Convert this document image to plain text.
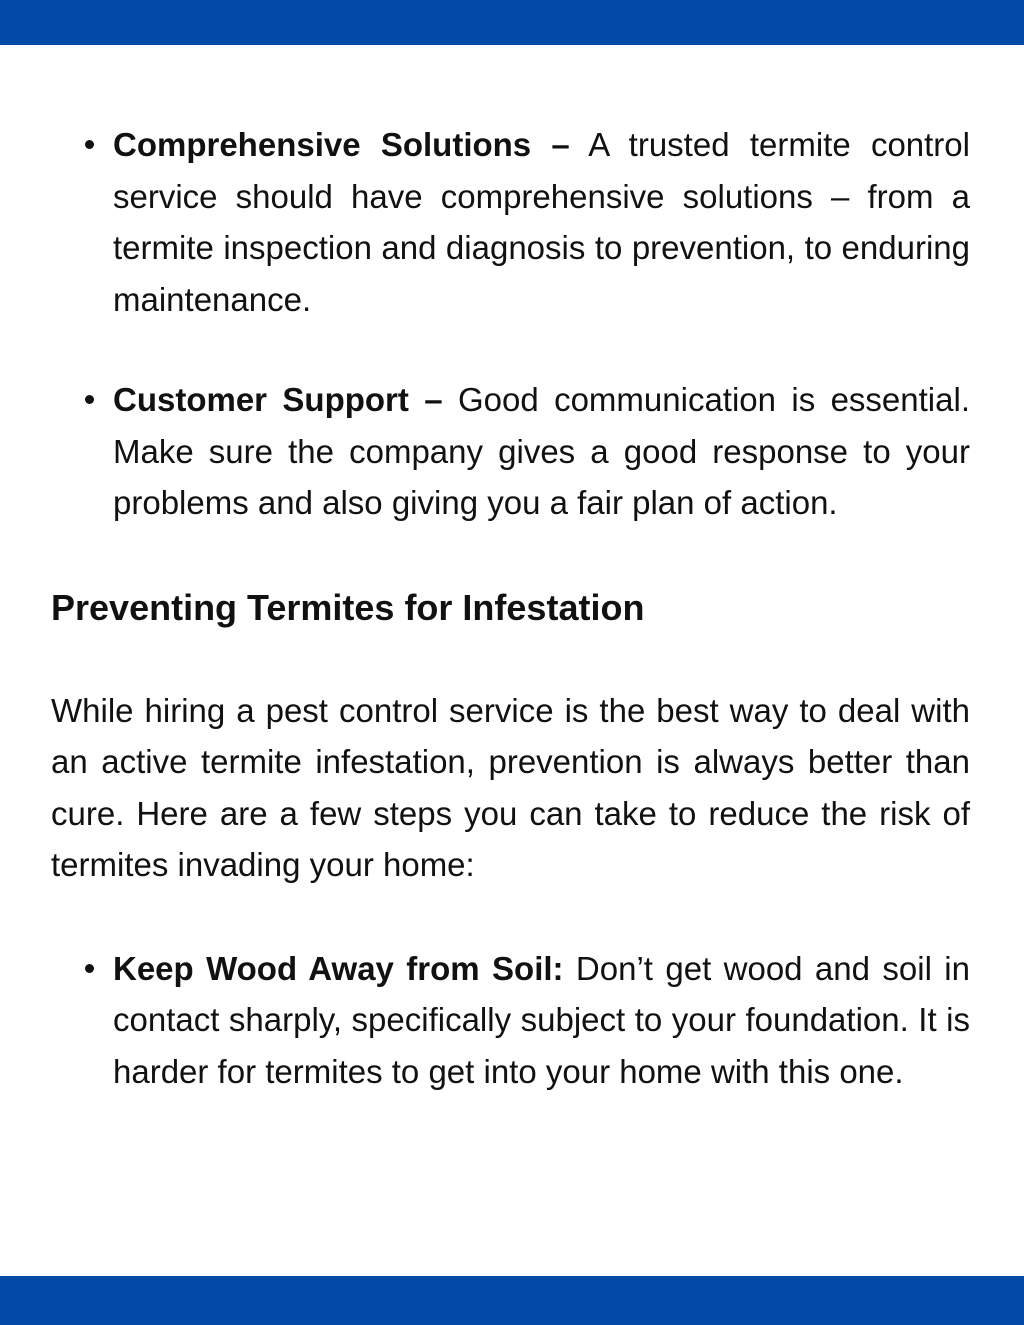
Comprehensive Solutions – A trusted termite control service should have comprehensive solutions – from a termite inspection and diagnosis to prevention, to enduring maintenance.
Customer Support – Good communication is essential. Make sure the company gives a good response to your problems and also giving you a fair plan of action.
Preventing Termites for Infestation

While hiring a pest control service is the best way to deal with an active termite infestation, prevention is always better than cure. Here are a few steps you can take to reduce the risk of termites invading your home:

Keep Wood Away from Soil: Don’t get wood and soil in contact sharply, specifically subject to your foundation. It is harder for termites to get into your home with this one.
